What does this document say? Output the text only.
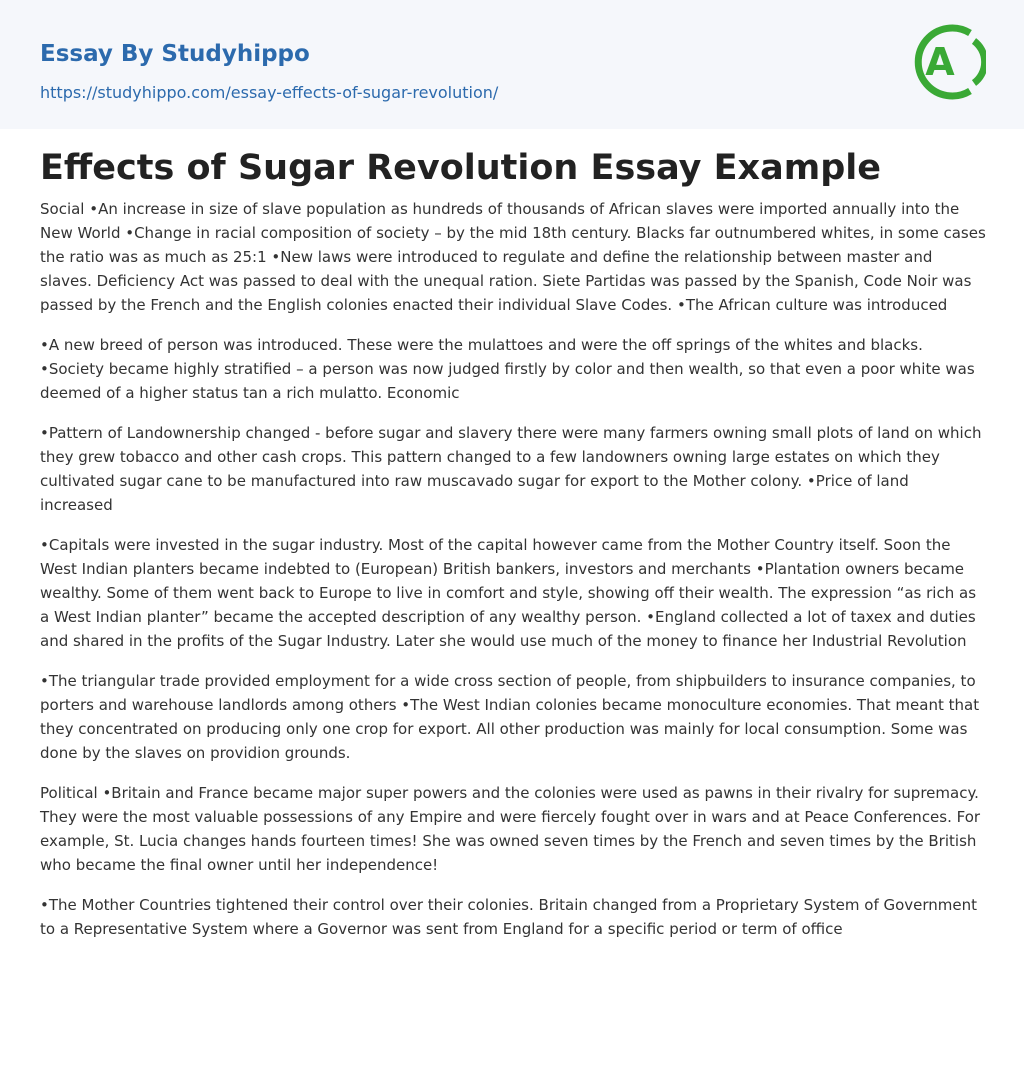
Essay By Studyhippo
https://studyhippo.com/essay-effects-of-sugar-revolution/
A
Effects of Sugar Revolution Essay Example

Social •An increase in size of slave population as hundreds of thousands of African slaves were imported annually into the New World •Change in racial composition of society – by the mid 18th century. Blacks far outnumbered whites, in some cases the ratio was as much as 25:1 •New laws were introduced to regulate and define the relationship between master and slaves. Deficiency Act was passed to deal with the unequal ration. Siete Partidas was passed by the Spanish, Code Noir was passed by the French and the English colonies enacted their individual Slave Codes. •The African culture was introduced

•A new breed of person was introduced. These were the mulattoes and were the off springs of the whites and blacks. •Society became highly stratified – a person was now judged firstly by color and then wealth, so that even a poor white was deemed of a higher status tan a rich mulatto. Economic

•Pattern of Landownership changed - before sugar and slavery there were many farmers owning small plots of land on which they grew tobacco and other cash crops. This pattern changed to a few landowners owning large estates on which they cultivated sugar cane to be manufactured into raw muscavado sugar for export to the Mother colony. •Price of land increased

•Capitals were invested in the sugar industry. Most of the capital however came from the Mother Country itself. Soon the West Indian planters became indebted to (European) British bankers, investors and merchants •Plantation owners became wealthy. Some of them went back to Europe to live in comfort and style, showing off their wealth. The expression “as rich as a West Indian planter” became the accepted description of any wealthy person. •England collected a lot of taxex and duties and shared in the profits of the Sugar Industry. Later she would use much of the money to finance her Industrial Revolution

•The triangular trade provided employment for a wide cross section of people, from shipbuilders to insurance companies, to porters and warehouse landlords among others •The West Indian colonies became monoculture economies. That meant that they concentrated on producing only one crop for export. All other production was mainly for local consumption. Some was done by the slaves on providion grounds.

Political •Britain and France became major super powers and the colonies were used as pawns in their rivalry for supremacy. They were the most valuable possessions of any Empire and were fiercely fought over in wars and at Peace Conferences. For example, St. Lucia changes hands fourteen times! She was owned seven times by the French and seven times by the British who became the final owner until her independence!

•The Mother Countries tightened their control over their colonies. Britain changed from a Proprietary System of Government to a Representative System where a Governor was sent from England for a specific period or term of office
